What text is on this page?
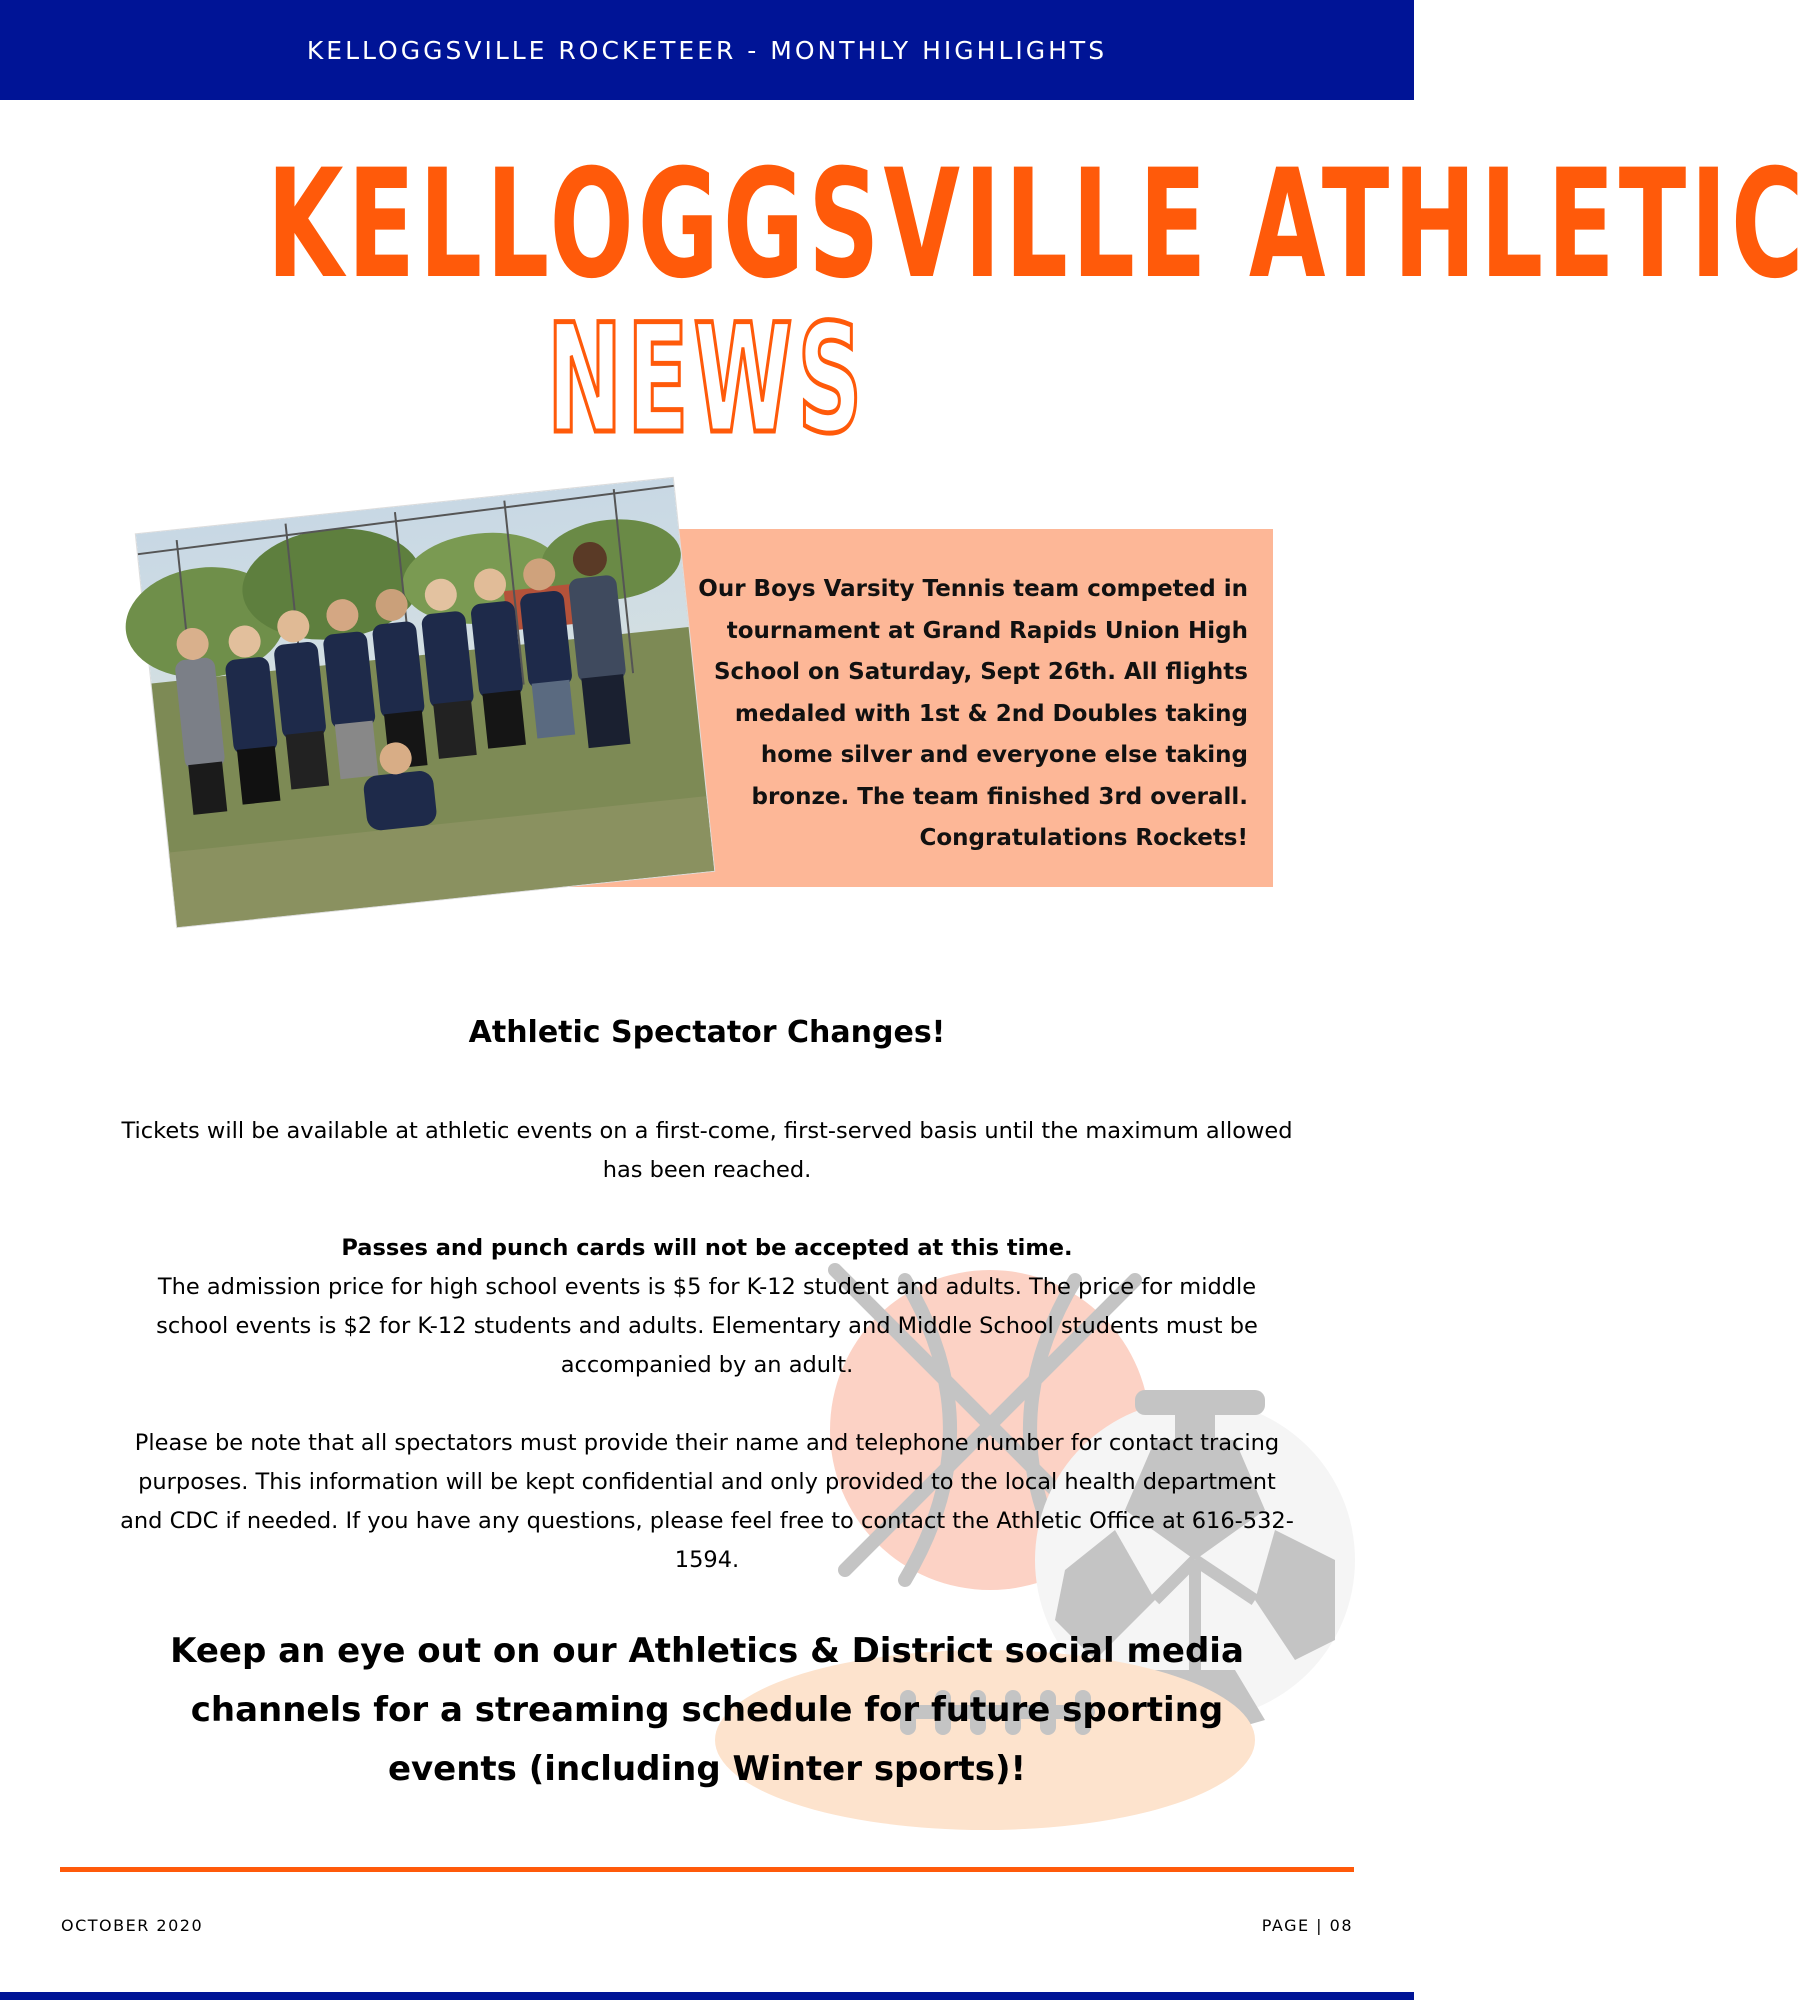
KELLOGGSVILLE ROCKETEER - MONTHLY HIGHLIGHTS
KELLOGGSVILLE ATHLETIC
NEWS
Our Boys Varsity Tennis team competed in tournament at Grand Rapids Union High School on Saturday, Sept 26th. All flights medaled with 1st & 2nd Doubles taking home silver and everyone else taking bronze. The team finished 3rd overall. Congratulations Rockets!
Athletic Spectator Changes!

Tickets will be available at athletic events on a first-come, first-served basis until the maximum allowed has been reached.

Passes and punch cards will not be accepted at this time.

The admission price for high school events is $5 for K-12 student and adults. The price for middle school events is $2 for K-12 students and adults. Elementary and Middle School students must be accompanied by an adult.

Please be note that all spectators must provide their name and telephone number for contact tracing purposes. This information will be kept confidential and only provided to the local health department and CDC if needed. If you have any questions, please feel free to contact the Athletic Office at 616-532-1594.

Keep an eye out on our Athletics & District social media channels for a streaming schedule for future sporting events (including Winter sports)!
OCTOBER 2020	PAGE | 08
